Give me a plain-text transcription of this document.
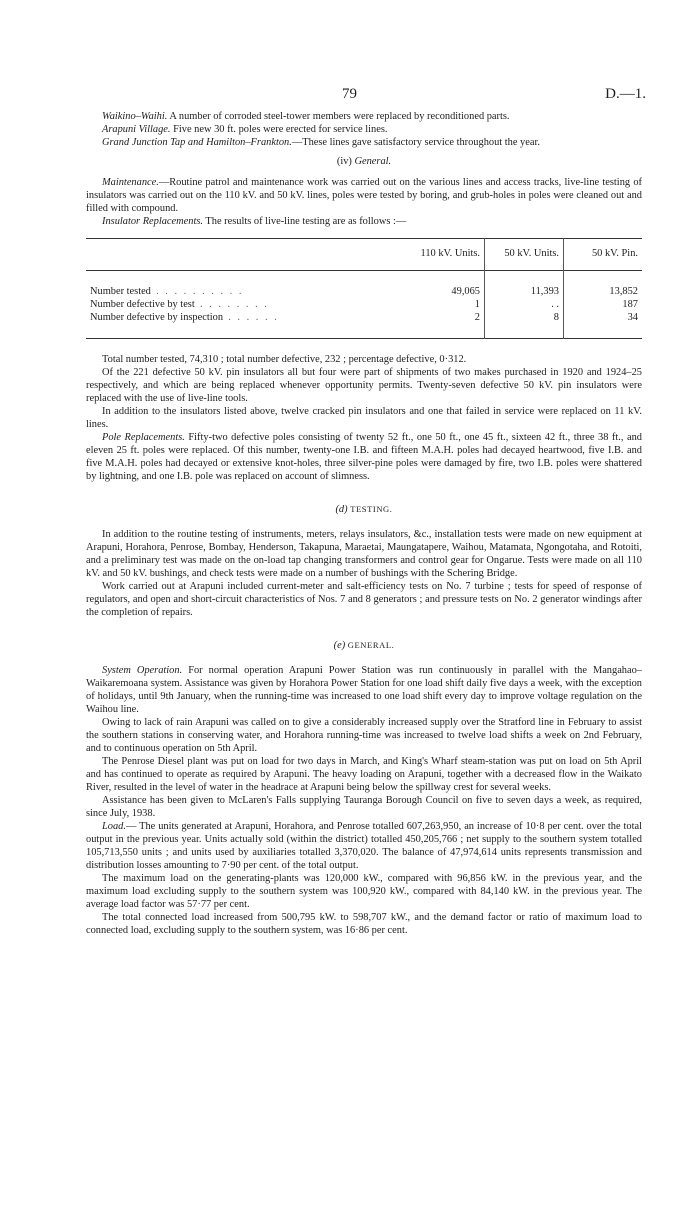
79	D.—1.

Waikino–Waihi. A number of corroded steel-tower members were replaced by reconditioned parts.

Arapuni Village. Five new 30 ft. poles were erected for service lines.

Grand Junction Tap and Hamilton–Frankton.—These lines gave satisfactory service throughout the year.

(iv) General.

Maintenance.—Routine patrol and maintenance work was carried out on the various lines and access tracks, live-line testing of insulators was carried out on the 110 kV. and 50 kV. lines, poles were tested by boring, and grub-holes in poles were cleaned out and filled with compound.

Insulator Replacements. The results of live-line testing are as follows :—

	110 kV. Units.	50 kV. Units.	50 kV. Pin.
Number tested . . . . . . . . . .	49,065	11,393	13,852
Number defective by test . . . . . . . .	1	. .	187
Number defective by inspection . . . . . .	2	8	34

Total number tested, 74,310 ; total number defective, 232 ; percentage defective, 0·312.

Of the 221 defective 50 kV. pin insulators all but four were part of shipments of two makes purchased in 1920 and 1924–25 respectively, and which are being replaced whenever opportunity permits. Twenty-seven defective 50 kV. pin insulators were replaced with the use of live-line tools.

In addition to the insulators listed above, twelve cracked pin insulators and one that failed in service were replaced on 11 kV. lines.

Pole Replacements. Fifty-two defective poles consisting of twenty 52 ft., one 50 ft., one 45 ft., sixteen 42 ft., three 38 ft., and eleven 25 ft. poles were replaced. Of this number, twenty-one I.B. and fifteen M.A.H. poles had decayed heartwood, five I.B. and five M.A.H. poles had decayed or extensive knot-holes, three silver-pine poles were damaged by fire, two I.B. poles were shattered by lightning, and one I.B. pole was replaced on account of slimness.

(d) TESTING.

In addition to the routine testing of instruments, meters, relays insulators, &c., installation tests were made on new equipment at Arapuni, Horahora, Penrose, Bombay, Henderson, Takapuna, Maraetai, Maungatapere, Waihou, Matamata, Ngongotaha, and Rotoiti, and a preliminary test was made on the on-load tap changing transformers and control gear for Ongarue. Tests were made on all 110 kV. and 50 kV. bushings, and check tests were made on a number of bushings with the Schering Bridge.

Work carried out at Arapuni included current-meter and salt-efficiency tests on No. 7 turbine ; tests for speed of response of regulators, and open and short-circuit characteristics of Nos. 7 and 8 generators ; and pressure tests on No. 2 generator windings after the completion of repairs.

(e) GENERAL.

System Operation. For normal operation Arapuni Power Station was run continuously in parallel with the Mangahao–Waikaremoana system. Assistance was given by Horahora Power Station for one load shift daily five days a week, with the exception of holidays, until 9th January, when the running-time was increased to one load shift every day to improve voltage regulation on the Waihou line.

Owing to lack of rain Arapuni was called on to give a considerably increased supply over the Stratford line in February to assist the southern stations in conserving water, and Horahora running-time was increased to twelve load shifts a week on 2nd February, and to continuous operation on 5th April.

The Penrose Diesel plant was put on load for two days in March, and King's Wharf steam-station was put on load on 5th April and has continued to operate as required by Arapuni. The heavy loading on Arapuni, together with a decreased flow in the Waikato River, resulted in the level of water in the headrace at Arapuni being below the spillway crest for several weeks.

Assistance has been given to McLaren's Falls supplying Tauranga Borough Council on five to seven days a week, as required, since July, 1938.

Load.— The units generated at Arapuni, Horahora, and Penrose totalled 607,263,950, an increase of 10·8 per cent. over the total output in the previous year. Units actually sold (within the district) totalled 450,205,766 ; net supply to the southern system totalled 105,713,550 units ; and units used by auxiliaries totalled 3,370,020. The balance of 47,974,614 units represents transmission and distribution losses amounting to 7·90 per cent. of the total output.

The maximum load on the generating-plants was 120,000 kW., compared with 96,856 kW. in the previous year, and the maximum load excluding supply to the southern system was 100,920 kW., compared with 84,140 kW. in the previous year. The average load factor was 57·77 per cent.

The total connected load increased from 500,795 kW. to 598,707 kW., and the demand factor or ratio of maximum load to connected load, excluding supply to the southern system, was 16·86 per cent.
